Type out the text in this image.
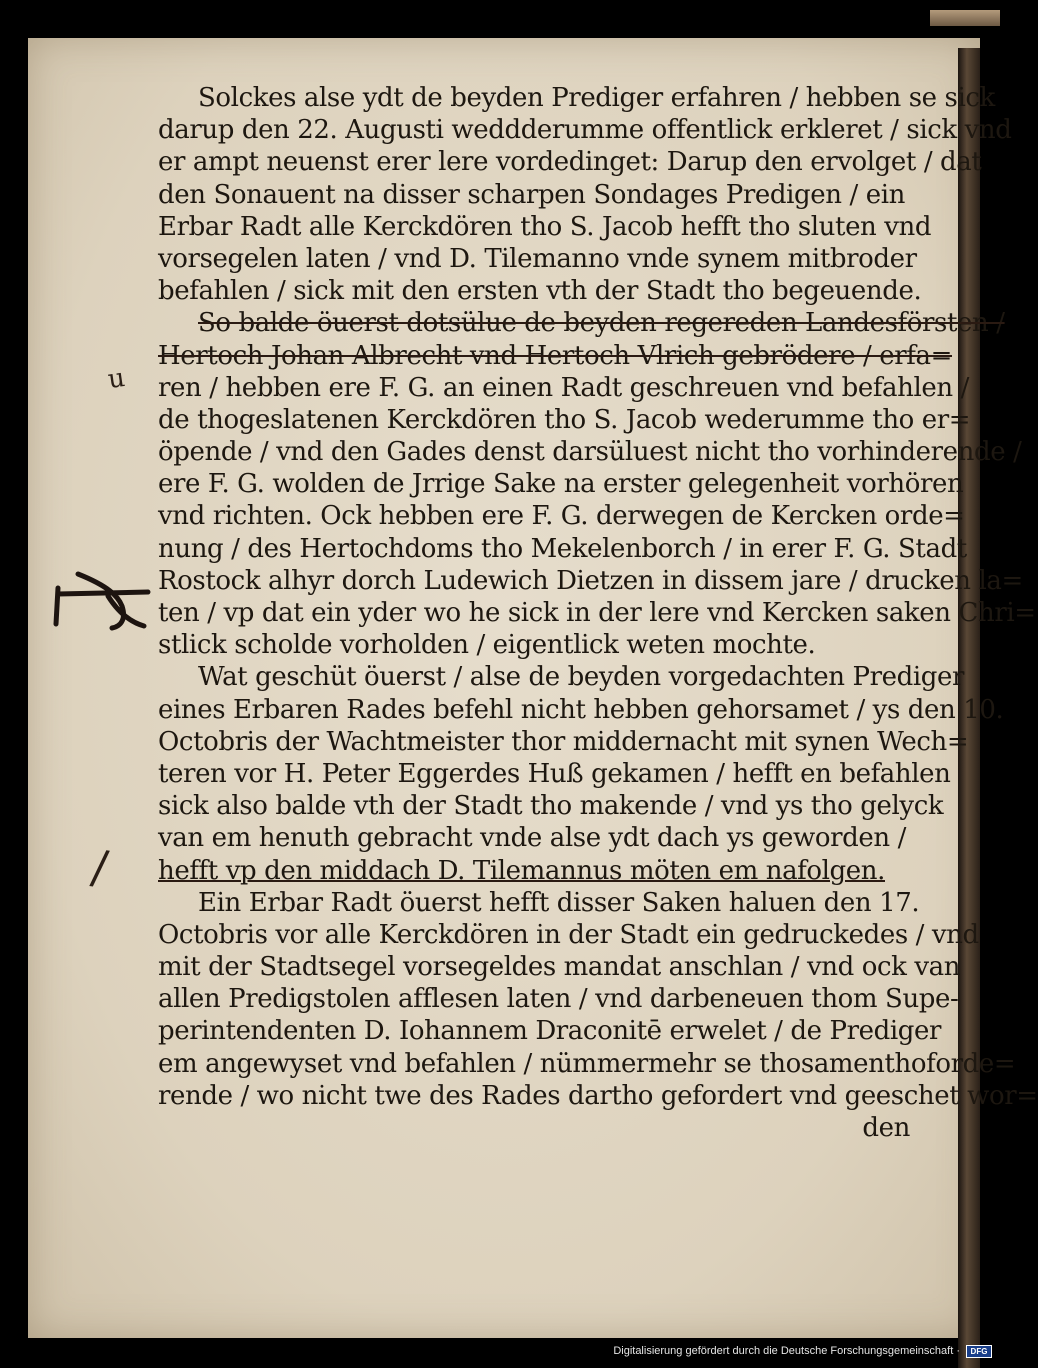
Solckes alse ydt de beyden Prediger erfahren / hebben se sick
darup den 22. Augusti weddderumme offentlick erkleret / sick vnd
er ampt neuenst erer lere vordedinget: Darup den ervolget / dat
den Sonauent na disser scharpen Sondages Predigen / ein
Erbar Radt alle Kerckdören tho S. Jacob hefft tho sluten vnd
vorsegelen laten / vnd D. Tilemanno vnde synem mitbroder
befahlen / sick mit den ersten vth der Stadt tho begeuende.
So balde öuerst dotsülue de beyden regereden Landesförsten /
Hertoch Johan Albrecht vnd Hertoch Vlrich gebrödere / erfa=
ren / hebben ere F. G. an einen Radt geschreuen vnd befahlen /
de thogeslatenen Kerckdören tho S. Jacob wederumme tho er=
öpende / vnd den Gades denst darsüluest nicht tho vorhinderende /
ere F. G. wolden de Jrrige Sake na erster gelegenheit vorhören
vnd richten. Ock hebben ere F. G. derwegen de Kercken orde=
nung / des Hertochdoms tho Mekelenborch / in erer F. G. Stadt
Rostock alhyr dorch Ludewich Dietzen in dissem jare / drucken la=
ten / vp dat ein yder wo he sick in der lere vnd Kercken saken Chri=
stlick scholde vorholden / eigentlick weten mochte.
Wat geschüt öuerst / alse de beyden vorgedachten Prediger
eines Erbaren Rades befehl nicht hebben gehorsamet / ys den 10.
Octobris der Wachtmeister thor middernacht mit synen Wech=
teren vor H. Peter Eggerdes Huß gekamen / hefft en befahlen
sick also balde vth der Stadt tho makende / vnd ys tho gelyck
van em henuth gebracht vnde alse ydt dach ys geworden /
hefft vp den middach D. Tilemannus möten em nafolgen.
Ein Erbar Radt öuerst hefft disser Saken haluen den 17.
Octobris vor alle Kerckdören in der Stadt ein gedruckedes / vnd
mit der Stadtsegel vorsegeldes mandat anschlan / vnd ock van
allen Predigstolen afflesen laten / vnd darbeneuen thom Supe-
perintendenten D. Iohannem Draconitē erwelet / de Prediger
em angewyset vnd befahlen / nümmermehr se thosamenthoforde=
rende / wo nicht twe des Rades dartho gefordert vnd geeschet wor=
den
u
/
Digitalisierung gefördert durch die Deutsche Forschungsgemeinschaft ·	DFG
